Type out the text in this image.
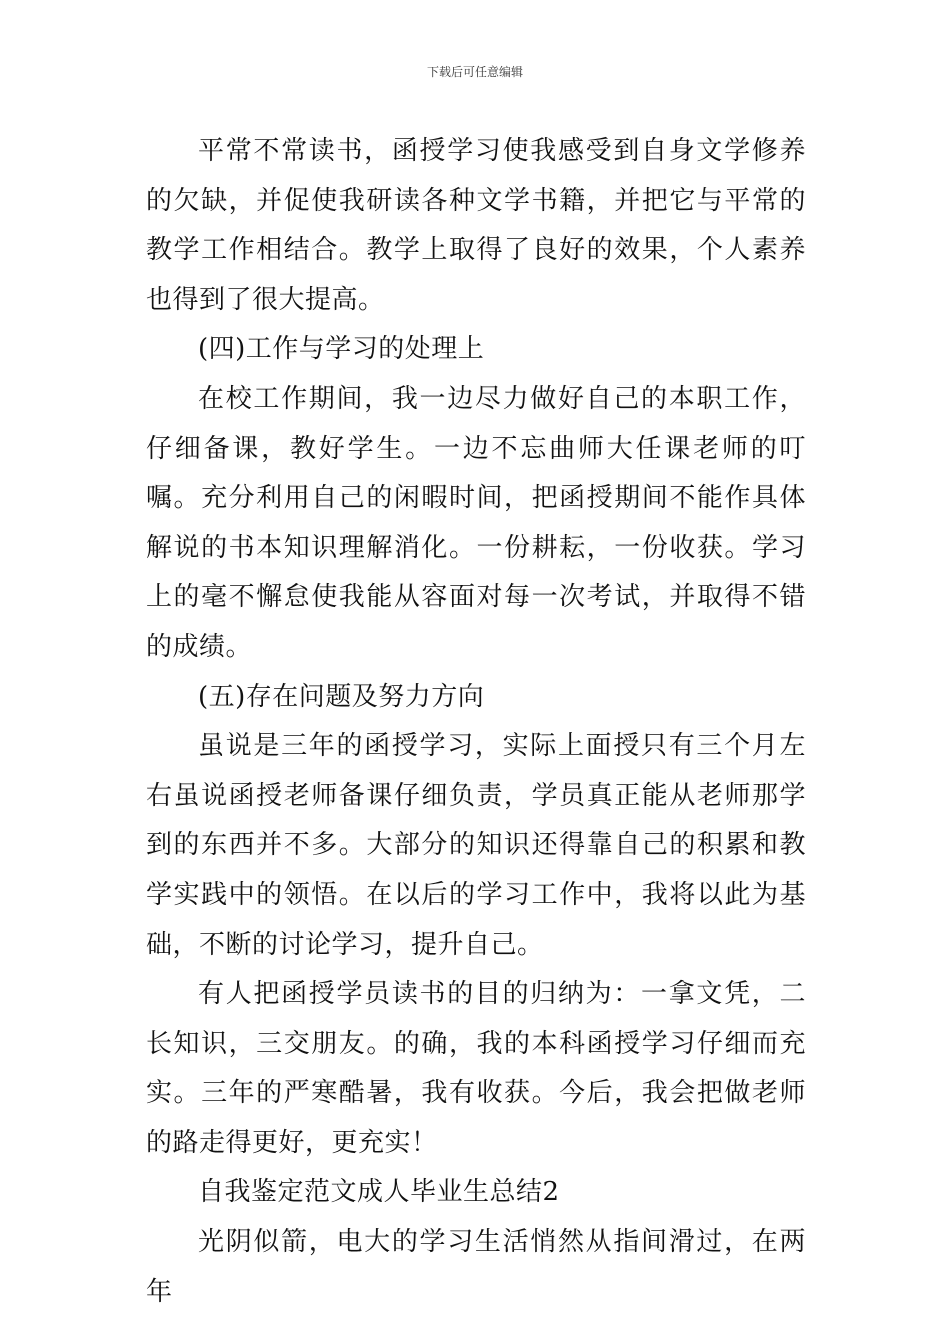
下载后可任意编辑

平常不常读书，函授学习使我感受到自身文学修养的欠缺，并促使我研读各种文学书籍，并把它与平常的教学工作相结合。教学上取得了良好的效果，个人素养也得到了很大提高。

(四)工作与学习的处理上

在校工作期间，我一边尽力做好自己的本职工作，仔细备课，教好学生。一边不忘曲师大任课老师的叮嘱。充分利用自己的闲暇时间，把函授期间不能作具体解说的书本知识理解消化。一份耕耘，一份收获。学习上的毫不懈怠使我能从容面对每一次考试，并取得不错的成绩。

(五)存在问题及努力方向

虽说是三年的函授学习，实际上面授只有三个月左右虽说函授老师备课仔细负责，学员真正能从老师那学到的东西并不多。大部分的知识还得靠自己的积累和教学实践中的领悟。在以后的学习工作中，我将以此为基础，不断的讨论学习，提升自己。

有人把函授学员读书的目的归纳为：一拿文凭，二长知识，三交朋友。的确，我的本科函授学习仔细而充实。三年的严寒酷暑，我有收获。今后，我会把做老师的路走得更好，更充实！

自我鉴定范文成人毕业生总结2

光阴似箭，电大的学习生活悄然从指间滑过，在两年
